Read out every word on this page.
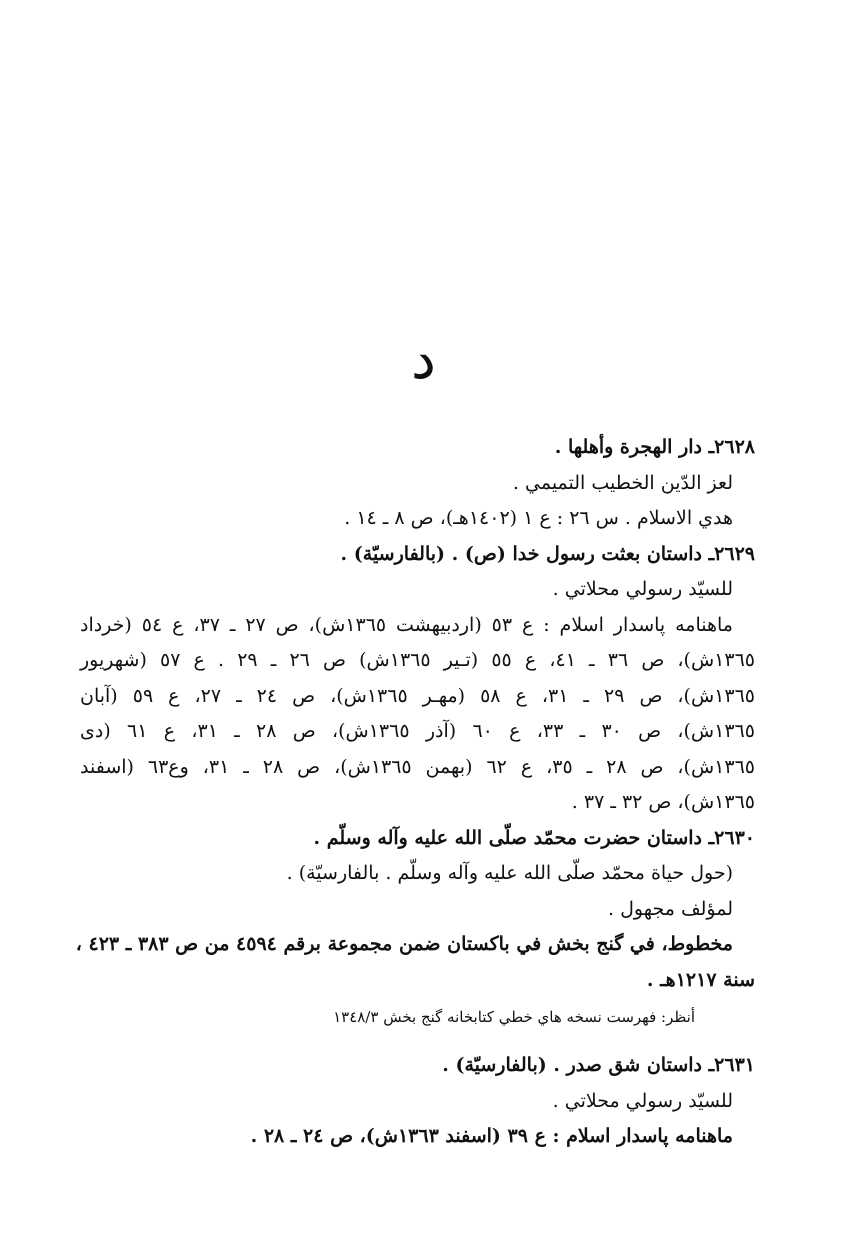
د
٢٦٢٨ـ دار الهجرة وأهلها .
لعز الدّين الخطيب التميمي .
هدي الاسلام . س ٢٦ : ع ١ (١٤٠٢هـ)، ص ٨ ـ ١٤ .
٢٦٢٩ـ داستان بعثت رسول خدا (ص) . (بالفارسيّة) .
للسيّد رسولي محلاتي .
ماهنامه پاسدار اسلام : ع ٥٣ (اردبيهشت ١٣٦٥ش)، ص ٢٧ ـ ٣٧، ع ٥٤ (خرداد
١٣٦٥ش)، ص ٣٦ ـ ٤١، ع ٥٥ (تـير ١٣٦٥ش) ص ٢٦ ـ ٢٩ . ع ٥٧ (شهريور
١٣٦٥ش)، ص ٢٩ ـ ٣١، ع ٥٨ (مهـر ١٣٦٥ش)، ص ٢٤ ـ ٢٧، ع ٥٩ (آبان
١٣٦٥ش)، ص ٣٠ ـ ٣٣، ع ٦٠ (آذر ١٣٦٥ش)، ص ٢٨ ـ ٣١، ع ٦١ (دى
١٣٦٥ش)، ص ٢٨ ـ ٣٥، ع ٦٢ (بهمن ١٣٦٥ش)، ص ٢٨ ـ ٣١، وع٦٣ (اسفند
١٣٦٥ش)، ص ٣٢ ـ ٣٧ .
٢٦٣٠ـ داستان حضرت محمّد صلّى الله عليه وآله وسلّم .
(حول حياة محمّد صلّى الله عليه وآله وسلّم . بالفارسيّة) .
لمؤلف مجهول .
مخطوط، في گنج بخش في باكستان ضمن مجموعة برقم ٤٥٩٤ من ص ٣٨٣ ـ ٤٢٣ ،
سنة ١٢١٧هـ .
أنظر: فهرست نسخه هاي خطي كتابخانه گنج بخش ١٣٤٨/٣
٢٦٣١ـ داستان شق صدر . (بالفارسيّة) .
للسيّد رسولي محلاتي .
ماهنامه پاسدار اسلام : ع ٣٩ (اسفند ١٣٦٣ش)، ص ٢٤ ـ ٢٨ .
